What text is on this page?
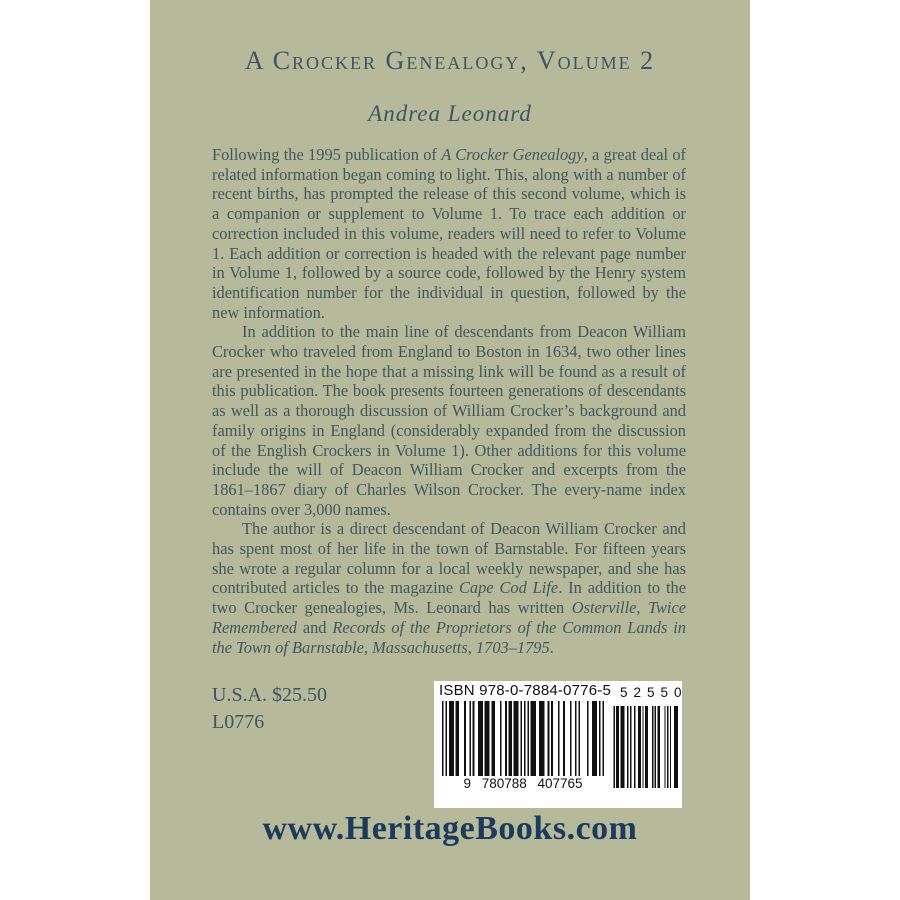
A Crocker Genealogy, Volume 2
Andrea Leonard

Following the 1995 publication of A Crocker Genealogy, a great deal of related information began coming to light. This, along with a number of recent births, has prompted the release of this second volume, which is a companion or supplement to Volume 1. To trace each addition or correction included in this volume, readers will need to refer to Volume 1. Each addition or correction is headed with the relevant page number in Volume 1, followed by a source code, followed by the Henry system identification number for the individual in question, followed by the new information.

In addition to the main line of descendants from Deacon William Crocker who traveled from England to Boston in 1634, two other lines are presented in the hope that a missing link will be found as a result of this publication. The book presents fourteen generations of descendants as well as a thorough discussion of William Crocker’s background and family origins in England (considerably expanded from the discussion of the English Crockers in Volume 1). Other additions for this volume include the will of Deacon William Crocker and excerpts from the 1861–1867 diary of Charles Wilson Crocker. The every-name index contains over 3,000 names.

The author is a direct descendant of Deacon William Crocker and has spent most of her life in the town of Barnstable. For fifteen years she wrote a regular column for a local weekly newspaper, and she has contributed articles to the magazine Cape Cod Life. In addition to the two Crocker genealogies, Ms. Leonard has written Osterville, Twice Remembered and Records of the Proprietors of the Common Lands in the Town of Barnstable, Massachusetts, 1703–1795.

U.S.A. $25.50
L0776
ISBN 978-0-7884-0776-5
9 780788 407765
52550
www.HeritageBooks.com
